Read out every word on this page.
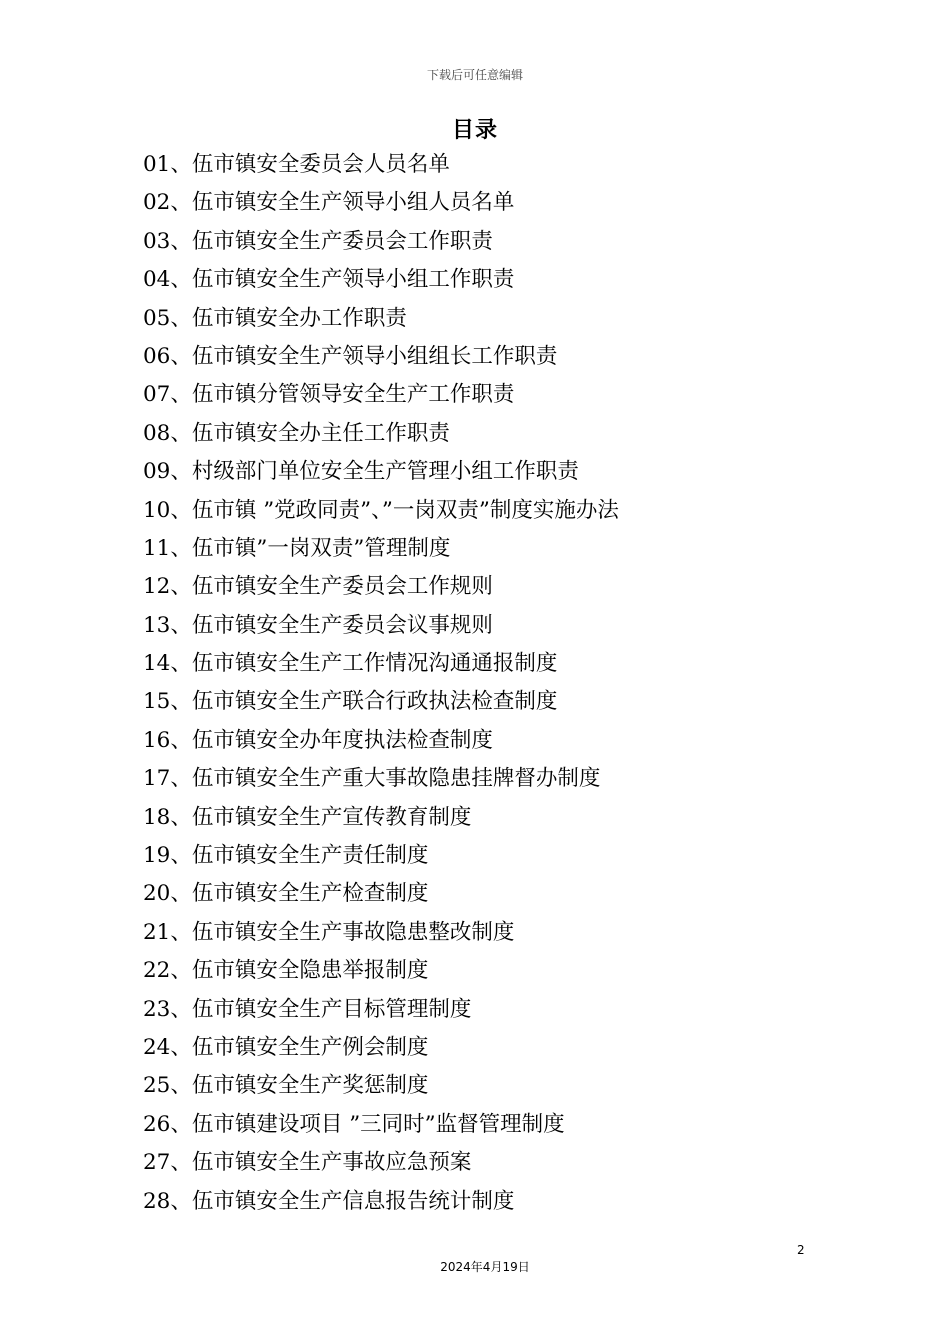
下载后可任意编辑
目录
01、伍市镇安全委员会人员名单
02、伍市镇安全生产领导小组人员名单
03、伍市镇安全生产委员会工作职责
04、伍市镇安全生产领导小组工作职责
05、伍市镇安全办工作职责
06、伍市镇安全生产领导小组组长工作职责
07、伍市镇分管领导安全生产工作职责
08、伍市镇安全办主任工作职责
09、村级部门单位安全生产管理小组工作职责
10、伍市镇 ”党政同责”、”一岗双责”制度实施办法
11、伍市镇”一岗双责”管理制度
12、伍市镇安全生产委员会工作规则
13、伍市镇安全生产委员会议事规则
14、伍市镇安全生产工作情况沟通通报制度
15、伍市镇安全生产联合行政执法检查制度
16、伍市镇安全办年度执法检查制度
17、伍市镇安全生产重大事故隐患挂牌督办制度
18、伍市镇安全生产宣传教育制度
19、伍市镇安全生产责任制度
20、伍市镇安全生产检查制度
21、伍市镇安全生产事故隐患整改制度
22、伍市镇安全隐患举报制度
23、伍市镇安全生产目标管理制度
24、伍市镇安全生产例会制度
25、伍市镇安全生产奖惩制度
26、伍市镇建设项目 ”三同时”监督管理制度
27、伍市镇安全生产事故应急预案
28、伍市镇安全生产信息报告统计制度
2
2024年4月19日
